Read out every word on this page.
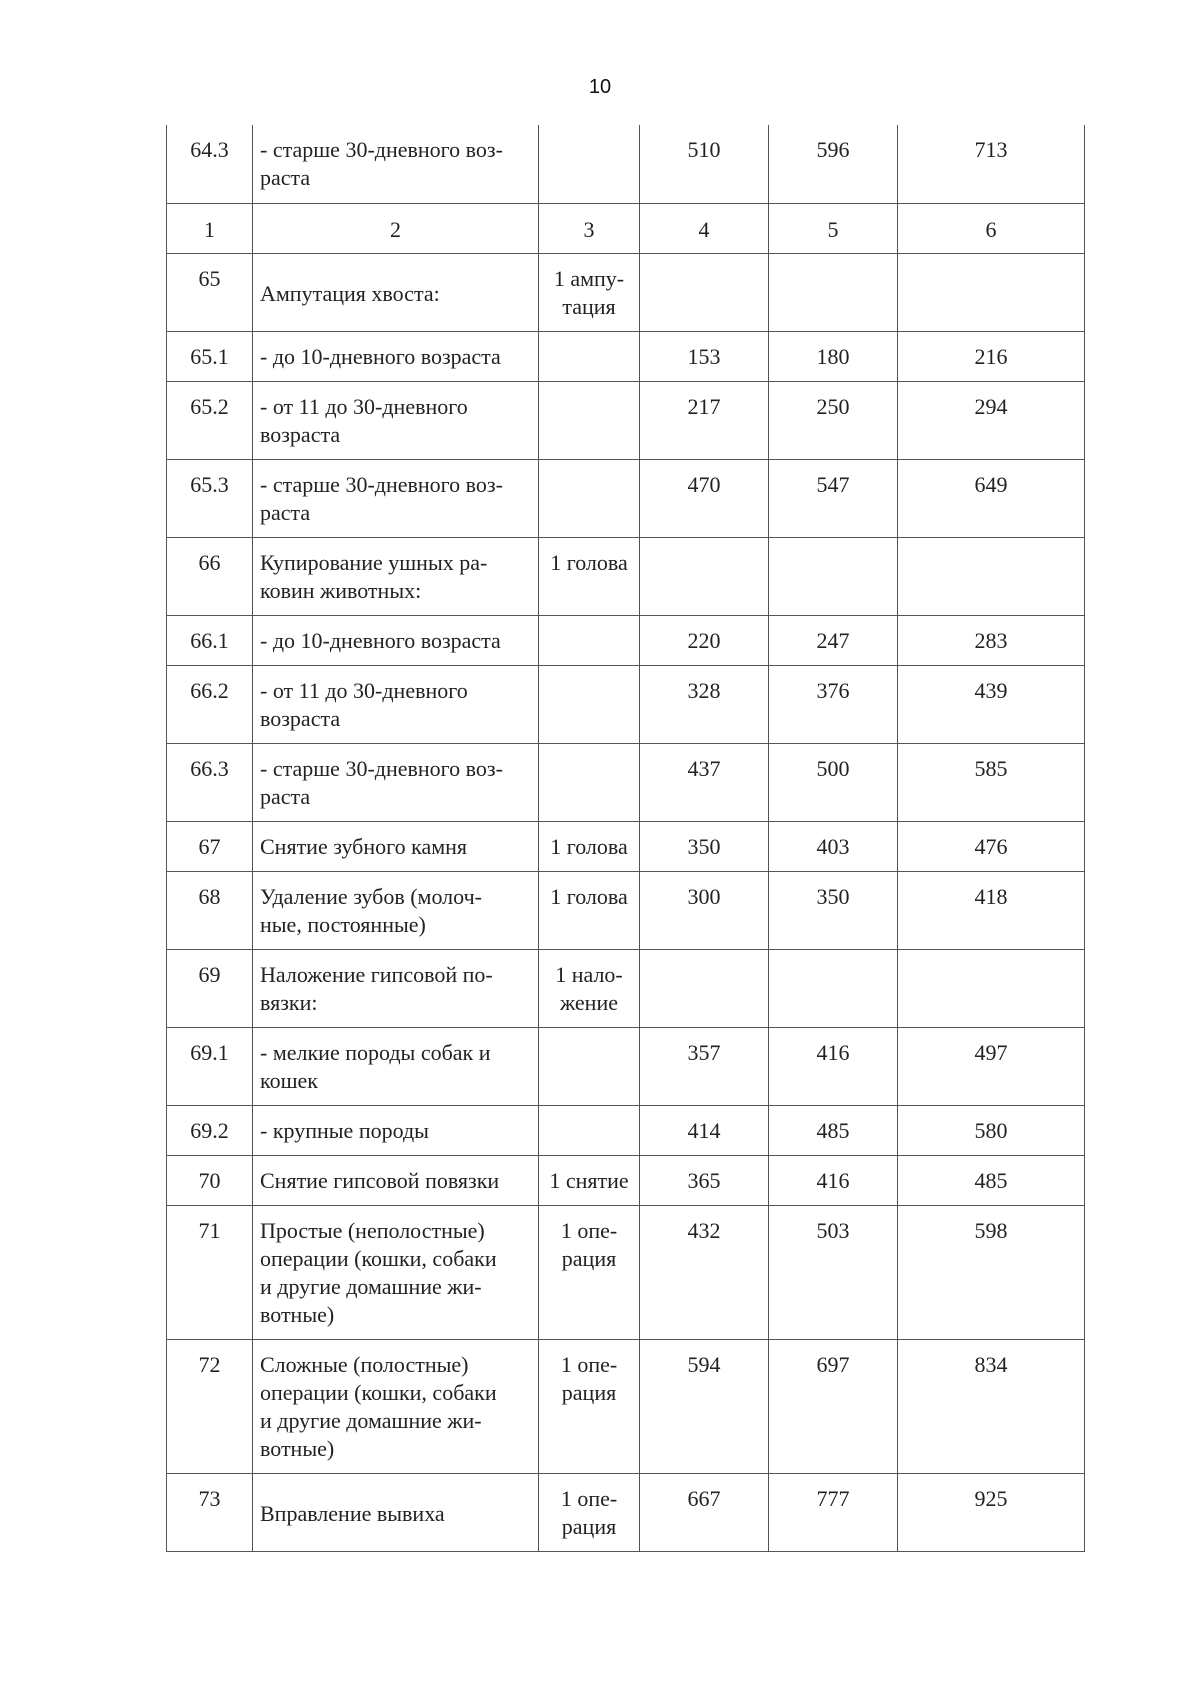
10
64.3	- старше 30-дневного воз-
раста		510	596	713
1	2	3	4	5	6
65	Ампутация хвоста:	1 ампу-
тация			
65.1	- до 10-дневного возраста		153	180	216
65.2	- от 11 до 30-дневного
возраста		217	250	294
65.3	- старше 30-дневного воз-
раста		470	547	649
66	Купирование ушных ра-
ковин животных:	1 голова			
66.1	- до 10-дневного возраста		220	247	283
66.2	- от 11 до 30-дневного
возраста		328	376	439
66.3	- старше 30-дневного воз-
раста		437	500	585
67	Снятие зубного камня	1 голова	350	403	476
68	Удаление зубов (молоч-
ные, постоянные)	1 голова	300	350	418
69	Наложение гипсовой по-
вязки:	1 нало-
жение			
69.1	- мелкие породы собак и
кошек		357	416	497
69.2	- крупные породы		414	485	580
70	Снятие гипсовой повязки	1 снятие	365	416	485
71	Простые (неполостные)
операции (кошки, собаки
и другие домашние жи-
вотные)	1 опе-
рация	432	503	598
72	Сложные (полостные)
операции (кошки, собаки
и другие домашние жи-
вотные)	1 опе-
рация	594	697	834
73	Вправление вывиха	1 опе-
рация	667	777	925
